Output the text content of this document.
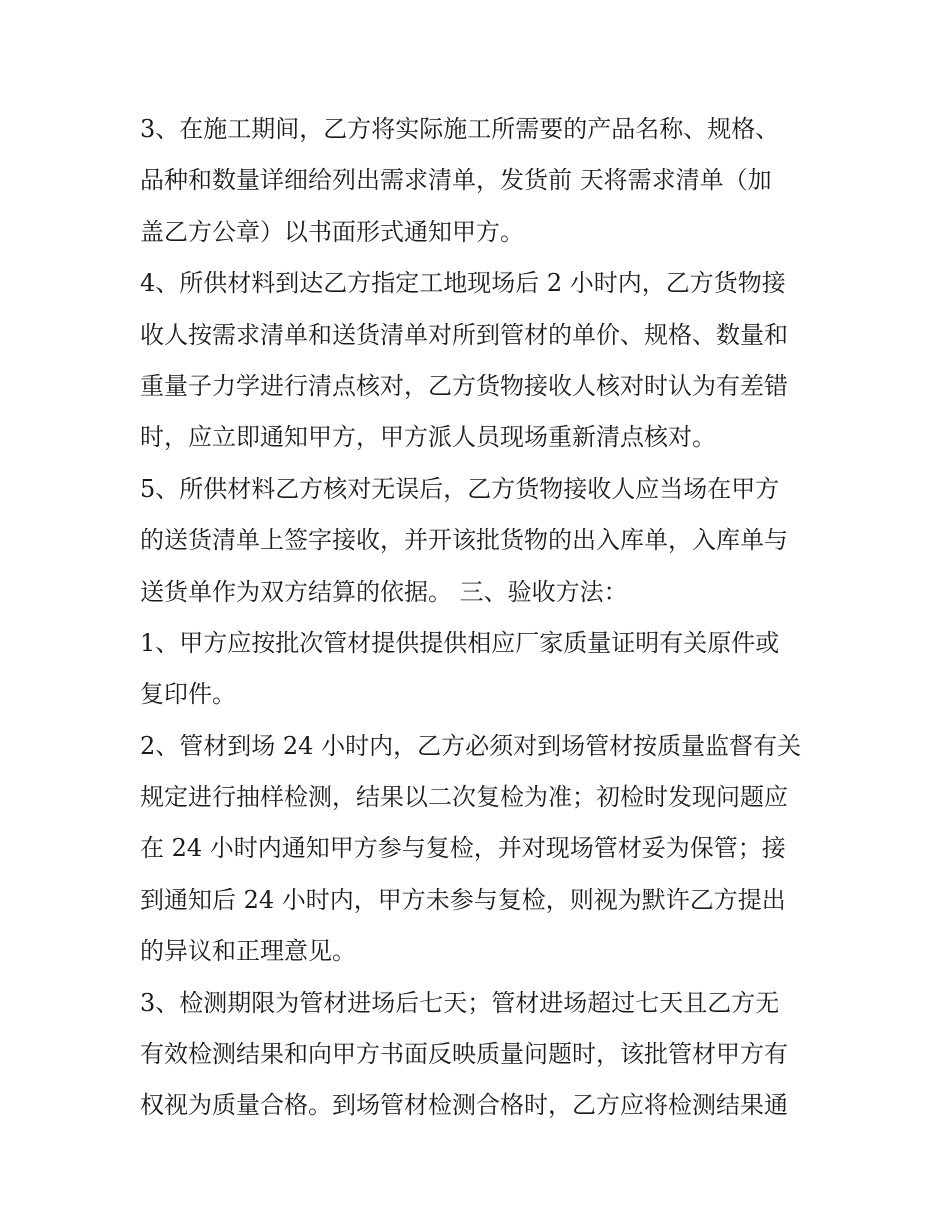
3、在施工期间，乙方将实际施工所需要的产品名称、规格、
品种和数量详细给列出需求清单，发货前 天将需求清单（加
盖乙方公章）以书面形式通知甲方。
4、所供材料到达乙方指定工地现场后 2 小时内，乙方货物接
收人按需求清单和送货清单对所到管材的单价、规格、数量和
重量子力学进行清点核对，乙方货物接收人核对时认为有差错
时，应立即通知甲方，甲方派人员现场重新清点核对。
5、所供材料乙方核对无误后，乙方货物接收人应当场在甲方
的送货清单上签字接收，并开该批货物的出入库单，入库单与
送货单作为双方结算的依据。 三、验收方法：
1、甲方应按批次管材提供提供相应厂家质量证明有关原件或
复印件。
2、管材到场 24 小时内，乙方必须对到场管材按质量监督有关
规定进行抽样检测，结果以二次复检为准；初检时发现问题应
在 24 小时内通知甲方参与复检，并对现场管材妥为保管；接
到通知后 24 小时内，甲方未参与复检，则视为默许乙方提出
的异议和正理意见。
3、检测期限为管材进场后七天；管材进场超过七天且乙方无
有效检测结果和向甲方书面反映质量问题时，该批管材甲方有
权视为质量合格。到场管材检测合格时，乙方应将检测结果通
